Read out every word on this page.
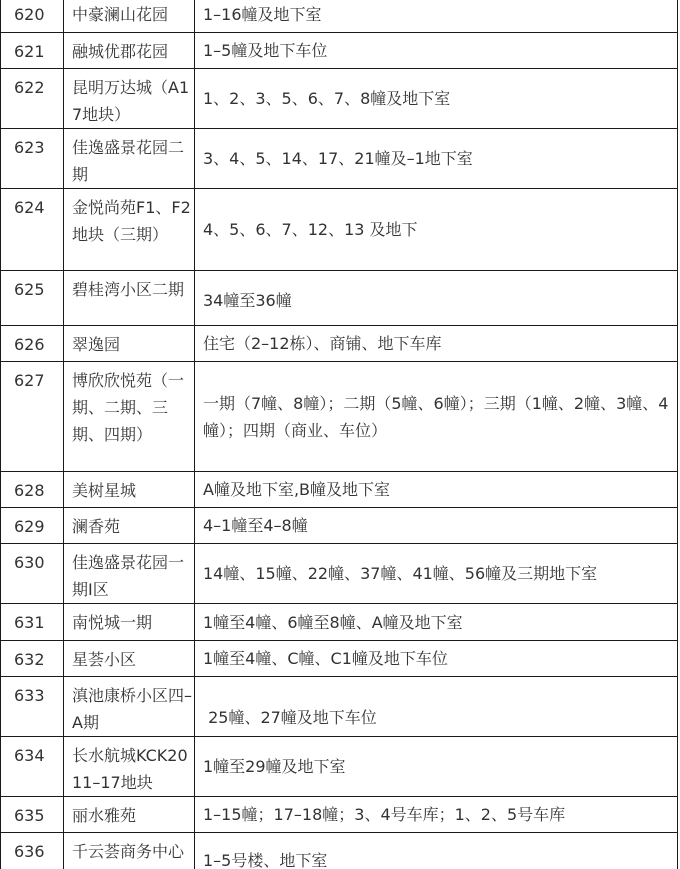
620	中豪澜山花园	1–16幢及地下室

621	融城优郡花园	1–5幢及地下车位

622	昆明万达城（A17地块）	1、2、3、5、6、7、8幢及地下室

623	佳逸盛景花园二期	3、4、5、14、17、21幢及–1地下室

624	金悦尚苑F1、F2地块（三期）	4、5、6、7、12、13 及地下

625	碧桂湾小区二期	34幢至36幢

626	翠逸园	住宅（2–12栋）、商铺、地下车库

627	博欣欣悦苑（一期、二期、三期、四期）	一期（7幢、8幢）；二期（5幢、6幢）；三期（1幢、2幢、3幢、4幢）；四期（商业、车位）

628	美树星城	A幢及地下室,B幢及地下室

629	澜香苑	4–1幢至4–8幢

630	佳逸盛景花园一期Ⅰ区	14幢、15幢、22幢、37幢、41幢、56幢及三期地下室

631	南悦城一期	1幢至4幢、6幢至8幢、A幢及地下室

632	星荟小区	1幢至4幢、C幢、C1幢及地下车位

633	滇池康桥小区四–A期	25幢、27幢及地下车位

634	长水航城KCK2011–17地块	1幢至29幢及地下室

635	丽水雅苑	1–15幢；17–18幢；3、4号车库；1、2、5号车库

636	千云荟商务中心	1–5号楼、地下室
